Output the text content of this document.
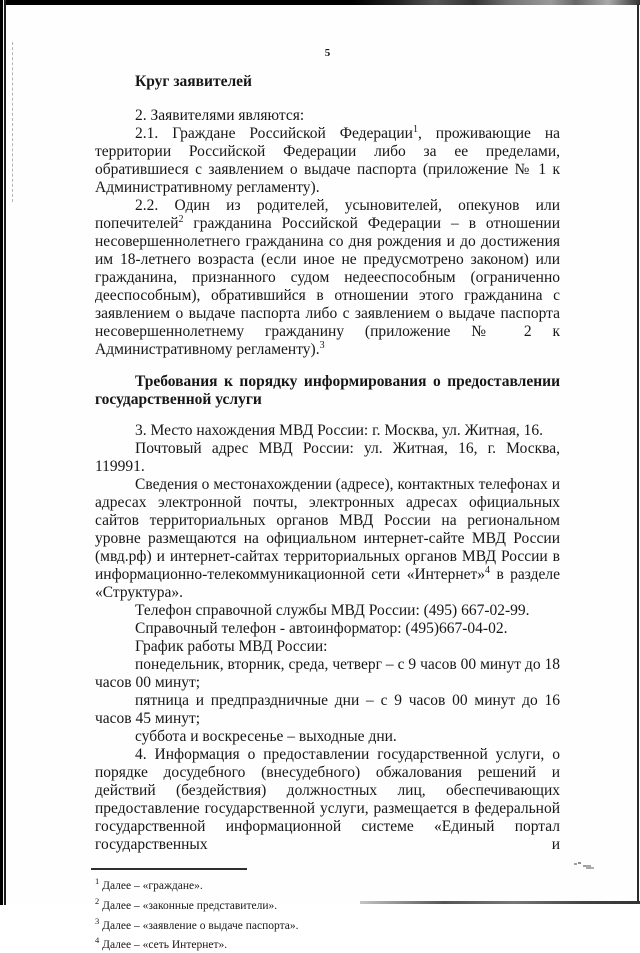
5

Круг заявителей

2. Заявителями являются:

2.1. Граждане Российской Федерации$^1$, проживающие на территории Российской Федерации либо за ее пределами, обратившиеся с заявлением о выдаче паспорта (приложение № 1 к Административному регламенту).

2.2. Один из родителей, усыновителей, опекунов или попечителей$^2$ гражданина Российской Федерации – в отношении несовершеннолетнего гражданина со дня рождения и до достижения им 18-летнего возраста (если иное не предусмотрено законом) или гражданина, признанного судом недееспособным (ограниченно дееспособным), обратившийся в отношении этого гражданина с заявлением о выдаче паспорта либо с заявлением о выдаче паспорта несовершеннолетнему гражданину (приложение № 2 к Административному регламенту).$^3$

Требования к порядку информирования о предоставлении государственной услуги

3. Место нахождения МВД России: г. Москва, ул. Житная, 16.

Почтовый адрес МВД России: ул. Житная, 16, г. Москва, 119991.

Сведения о местонахождении (адресе), контактных телефонах и адресах электронной почты, электронных адресах официальных сайтов территориальных органов МВД России на региональном уровне размещаются на официальном интернет-сайте МВД России (мвд.рф) и интернет-сайтах территориальных органов МВД России в информационно-телекоммуникационной сети «Интернет»$^4$ в разделе «Структура».

Телефон справочной службы МВД России: (495) 667-02-99.

Справочный телефон - автоинформатор: (495)667-04-02.

График работы МВД России:

понедельник, вторник, среда, четверг – с 9 часов 00 минут до 18 часов 00 минут;

пятница и предпраздничные дни – с 9 часов 00 минут до 16 часов 45 минут;

суббота и воскресенье – выходные дни.

4. Информация о предоставлении государственной услуги, о порядке досудебного (внесудебного) обжалования решений и действий (бездействия) должностных лиц, обеспечивающих предоставление государственной услуги, размещается в федеральной государственной информационной системе «Единый портал государственных и

$^1$ Далее – «граждане».

$^2$ Далее – «законные представители».

$^3$ Далее – «заявление о выдаче паспорта».

$^4$ Далее – «сеть Интернет».
